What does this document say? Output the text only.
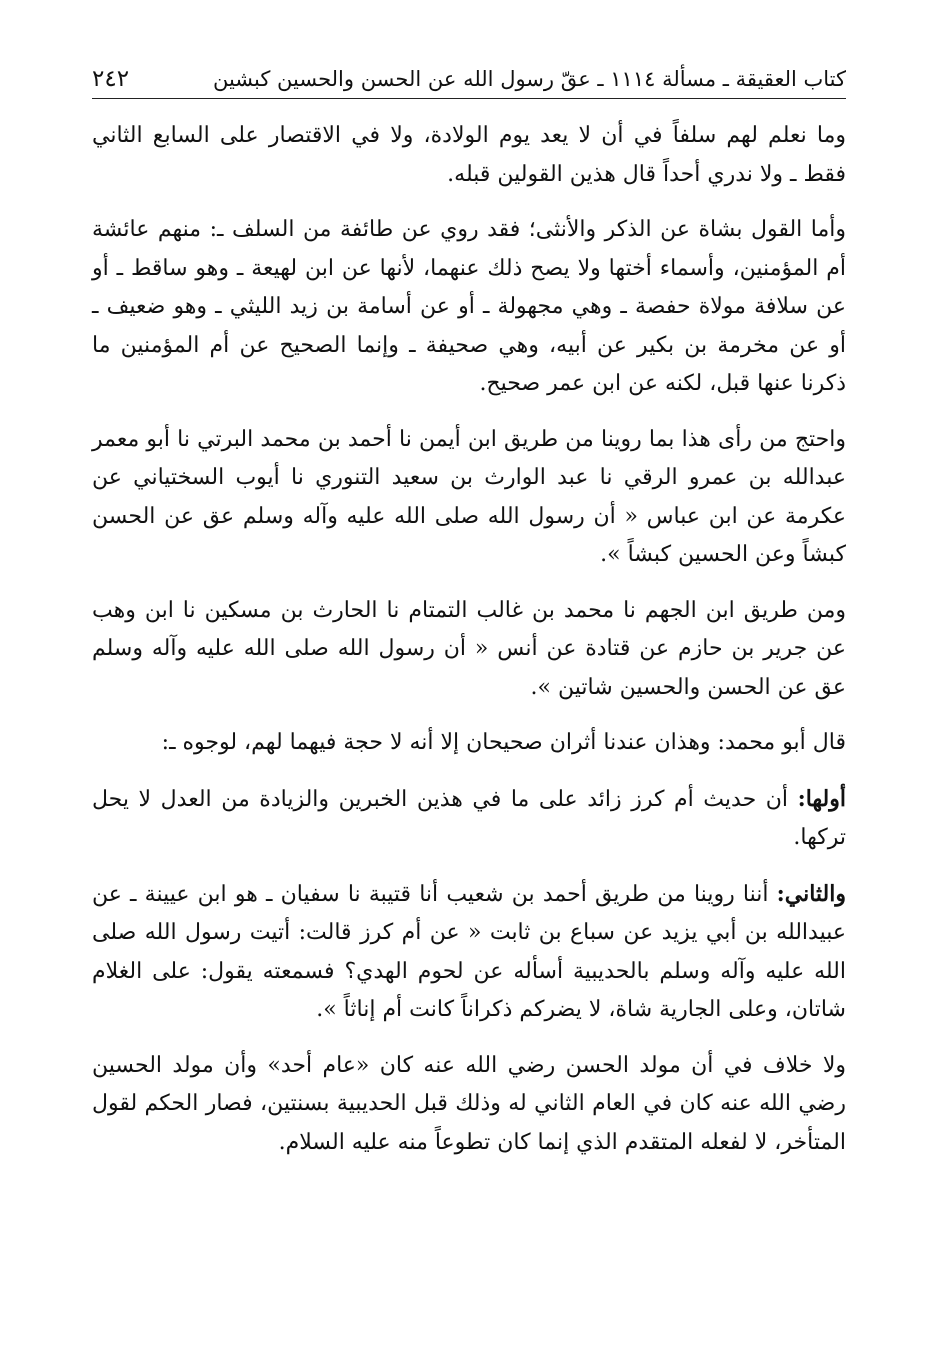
كتاب العقيقة ـ مسألة ١١١٤ ـ عقّ رسول الله عن الحسن والحسين كبشين
٢٤٢

وما نعلم لهم سلفاً في أن لا يعد يوم الولادة، ولا في الاقتصار على السابع الثاني فقط ـ ولا ندري أحداً قال هذين القولين قبله.

وأما القول بشاة عن الذكر والأنثى؛ فقد روي عن طائفة من السلف ـ: منهم عائشة أم المؤمنين، وأسماء أختها ولا يصح ذلك عنهما، لأنها عن ابن لهيعة ـ وهو ساقط ـ أو عن سلافة مولاة حفصة ـ وهي مجهولة ـ أو عن أسامة بن زيد الليثي ـ وهو ضعيف ـ أو عن مخرمة بن بكير عن أبيه، وهي صحيفة ـ وإنما الصحيح عن أم المؤمنين ما ذكرنا عنها قبل، لكنه عن ابن عمر صحيح.

واحتج من رأى هذا بما روينا من طريق ابن أيمن نا أحمد بن محمد البرتي نا أبو معمر عبدالله بن عمرو الرقي نا عبد الوارث بن سعيد التنوري نا أيوب السختياني عن عكرمة عن ابن عباس « أن رسول الله صلى الله عليه وآله وسلم عق عن الحسن كبشاً وعن الحسين كبشاً ».

ومن طريق ابن الجهم نا محمد بن غالب التمتام نا الحارث بن مسكين نا ابن وهب عن جرير بن حازم عن قتادة عن أنس « أن رسول الله صلى الله عليه وآله وسلم عق عن الحسن والحسين شاتين ».

قال أبو محمد: وهذان عندنا أثران صحيحان إلا أنه لا حجة فيهما لهم، لوجوه ـ:

أولها: أن حديث أم كرز زائد على ما في هذين الخبرين والزيادة من العدل لا يحل تركها.

والثاني: أننا روينا من طريق أحمد بن شعيب أنا قتيبة نا سفيان ـ هو ابن عيينة ـ عن عبيدالله بن أبي يزيد عن سباع بن ثابت « عن أم كرز قالت: أتيت رسول الله صلى الله عليه وآله وسلم بالحديبية أسأله عن لحوم الهدي؟ فسمعته يقول: على الغلام شاتان، وعلى الجارية شاة، لا يضركم ذكراناً كانت أم إناثاً ».

ولا خلاف في أن مولد الحسن رضي الله عنه كان «عام أحد» وأن مولد الحسين رضي الله عنه كان في العام الثاني له وذلك قبل الحديبية بسنتين، فصار الحكم لقول المتأخر، لا لفعله المتقدم الذي إنما كان تطوعاً منه عليه السلام.
